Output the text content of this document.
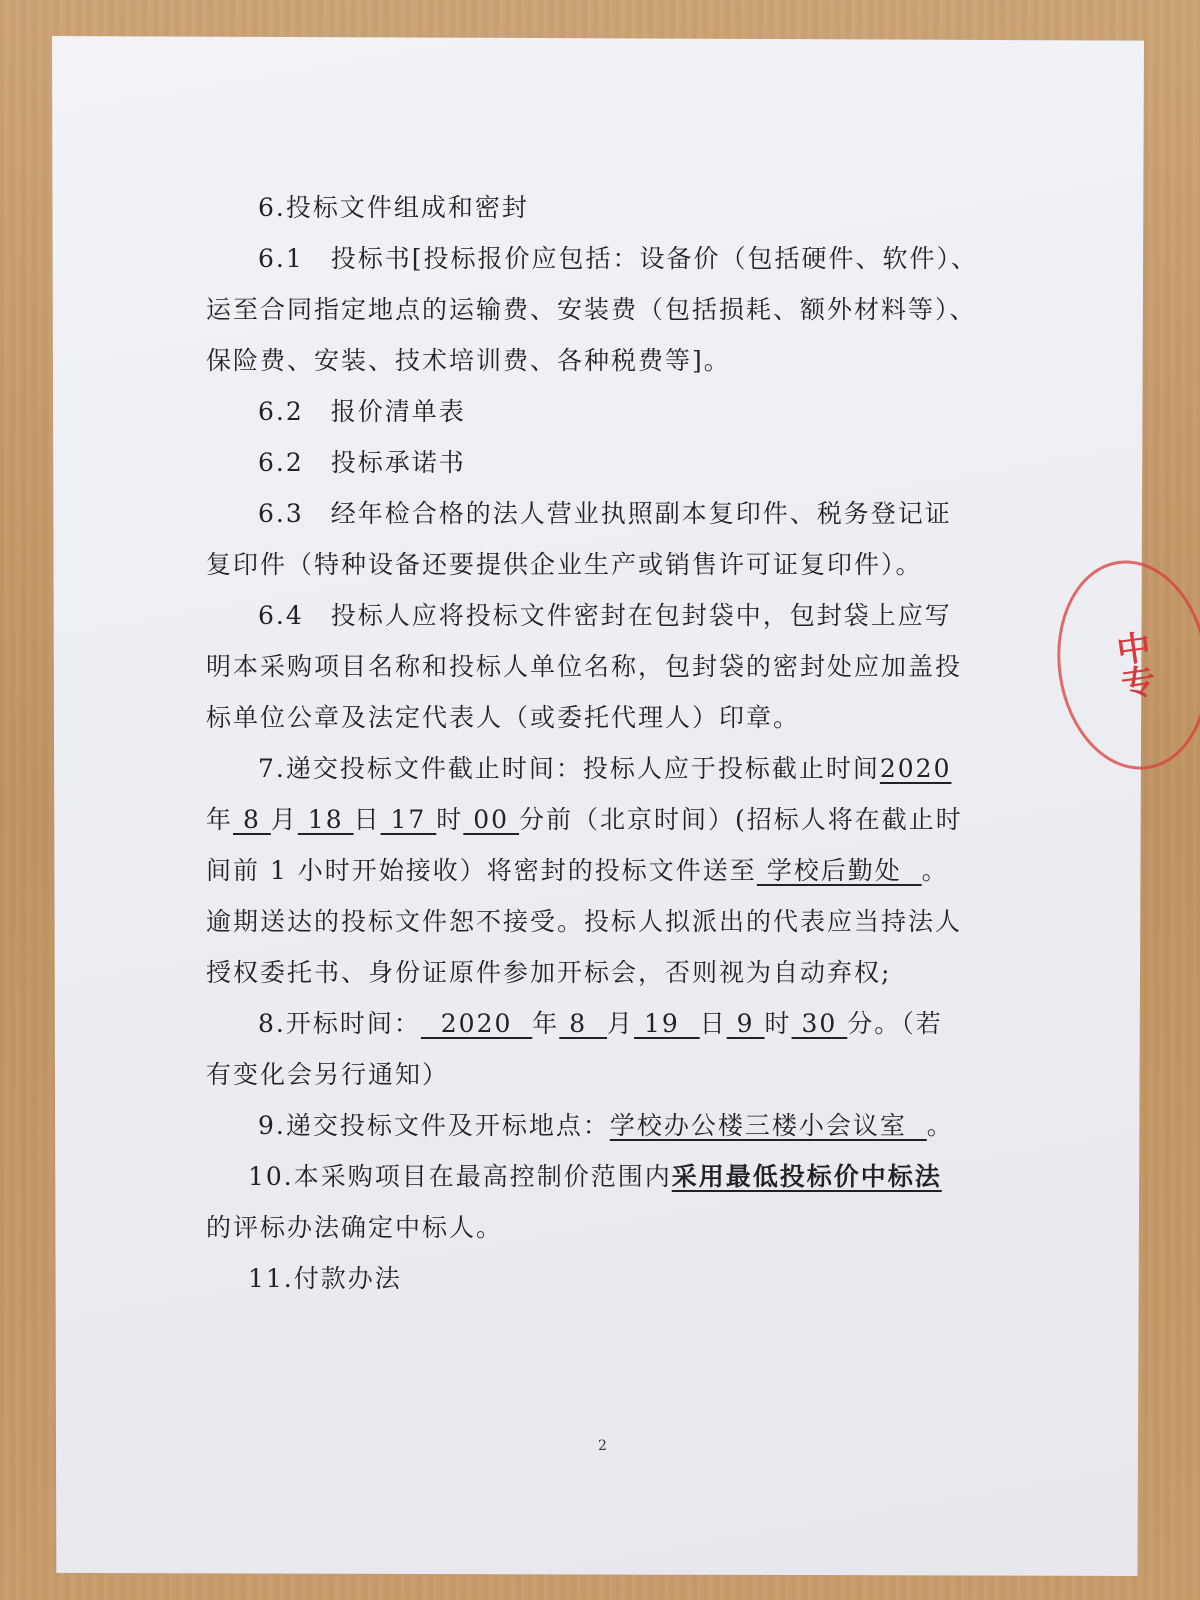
6.投标文件组成和密封
6.1　投标书[投标报价应包括：设备价（包括硬件、软件）、
运至合同指定地点的运输费、安装费（包括损耗、额外材料等）、
保险费、安装、技术培训费、各种税费等]。
6.2　报价清单表
6.2　投标承诺书
6.3　经年检合格的法人营业执照副本复印件、税务登记证
复印件（特种设备还要提供企业生产或销售许可证复印件）。
6.4　投标人应将投标文件密封在包封袋中，包封袋上应写
明本采购项目名称和投标人单位名称，包封袋的密封处应加盖投
标单位公章及法定代表人（或委托代理人）印章。
7.递交投标文件截止时间：投标人应于投标截止时间2020
年 8 月 18 日 17 时 00 分前（北京时间）(招标人将在截止时
间前 1 小时开始接收）将密封的投标文件送至 学校后勤处  。
逾期送达的投标文件恕不接受。投标人拟派出的代表应当持法人
授权委托书、身份证原件参加开标会，否则视为自动弃权;
8.开标时间：  2020  年 8  月 19  日 9 时 30 分。（若
有变化会另行通知）
9.递交投标文件及开标地点：学校办公楼三楼小会议室  。
10.本采购项目在最高控制价范围内采用最低投标价中标法
的评标办法确定中标人。
11.付款办法
2
中专
